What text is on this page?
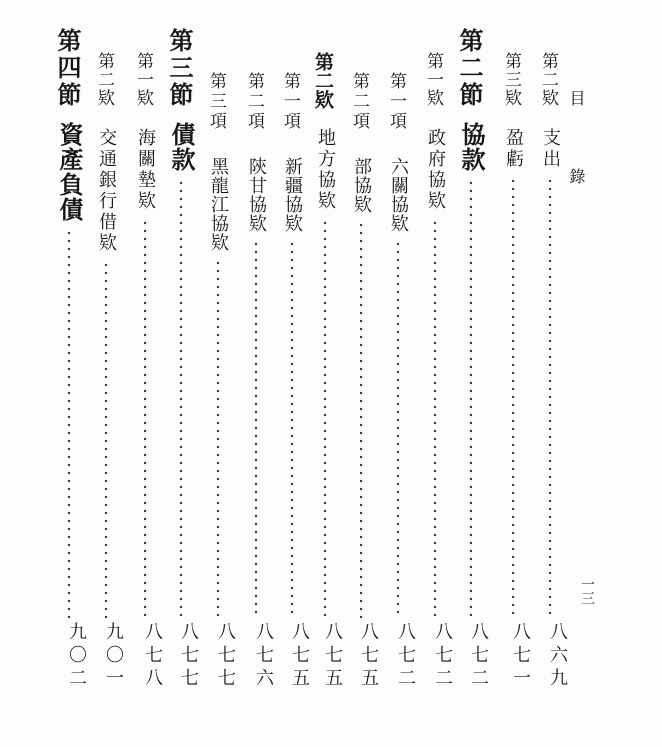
目錄
一三
第二欵
支出
八六九
第三欵
盈虧
八七一
第二節
協款
八七二
第一欵
政府協欵
八七二
第一項
六關協欵
八七二
第二項
部協欵
八七五
第二欵
地方協欵
八七五
第一項
新疆協欵
八七五
第二項
陝甘協欵
八七六
第三項
黑龍江協欵
八七七
第三節
債款
八七七
第一欵
海關墊欵
八七八
第二欵
交通銀行借欵
九〇一
第四節
資產負債
九〇二
